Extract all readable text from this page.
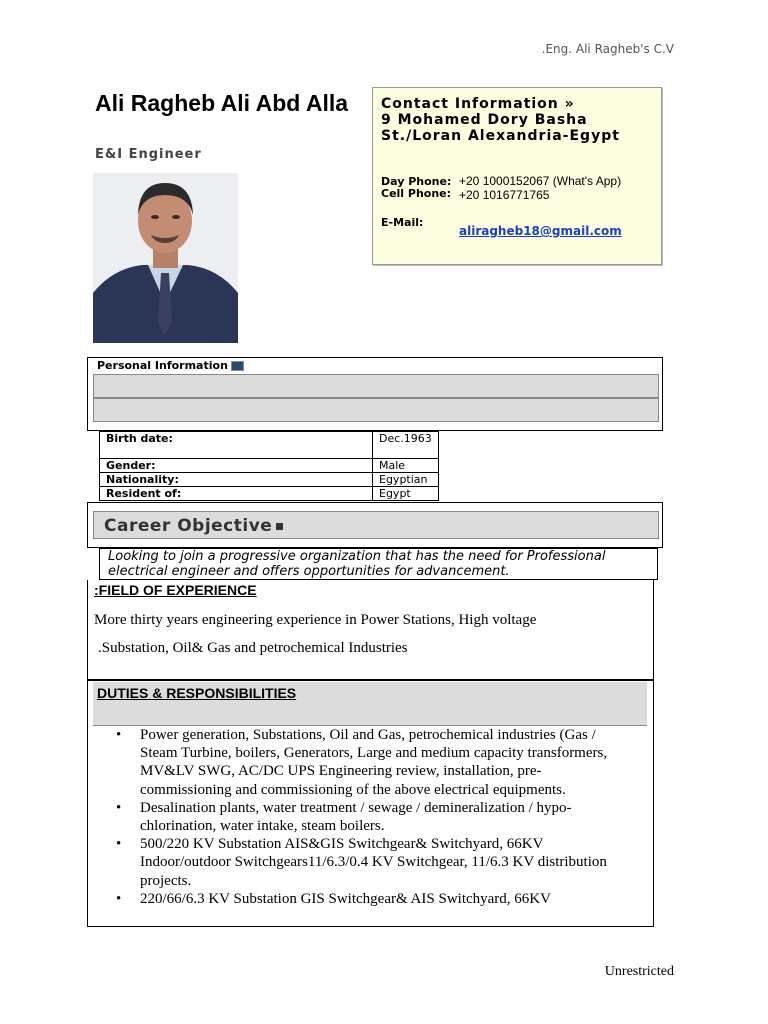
.Eng. Ali Ragheb's C.V
Ali Ragheb Ali Abd Alla
E&I Engineer
Contact Information »
9 Mohamed Dory Basha St./Loran Alexandria-Egypt
Day Phone: +20 1000152067 (What's App)
Cell Phone: +20 1016771765
E-Mail:
aliragheb18@gmail.com
Personal Information
Birth date:	Dec.1963
Gender:	Male
Nationality:	Egyptian
Resident of:	Egypt
Career Objective
Looking to join a progressive organization that has the need for Professional electrical engineer and offers opportunities for advancement.
:FIELD OF EXPERIENCE
More thirty years engineering experience in Power Stations, High voltage
.Substation, Oil& Gas and petrochemical Industries
DUTIES & RESPONSIBILITIES
• Power generation, Substations, Oil and Gas, petrochemical industries (Gas / Steam Turbine, boilers, Generators, Large and medium capacity transformers, MV&LV SWG, AC/DC UPS Engineering review, installation, pre-commissioning and commissioning of the above electrical equipments.
• Desalination plants, water treatment / sewage / demineralization / hypo-chlorination, water intake, steam boilers.
• 500/220 KV Substation AIS&GIS Switchgear& Switchyard, 66KV Indoor/outdoor Switchgears11/6.3/0.4 KV Switchgear, 11/6.3 KV distribution projects.
• 220/66/6.3 KV Substation GIS Switchgear& AIS Switchyard, 66KV
Unrestricted
